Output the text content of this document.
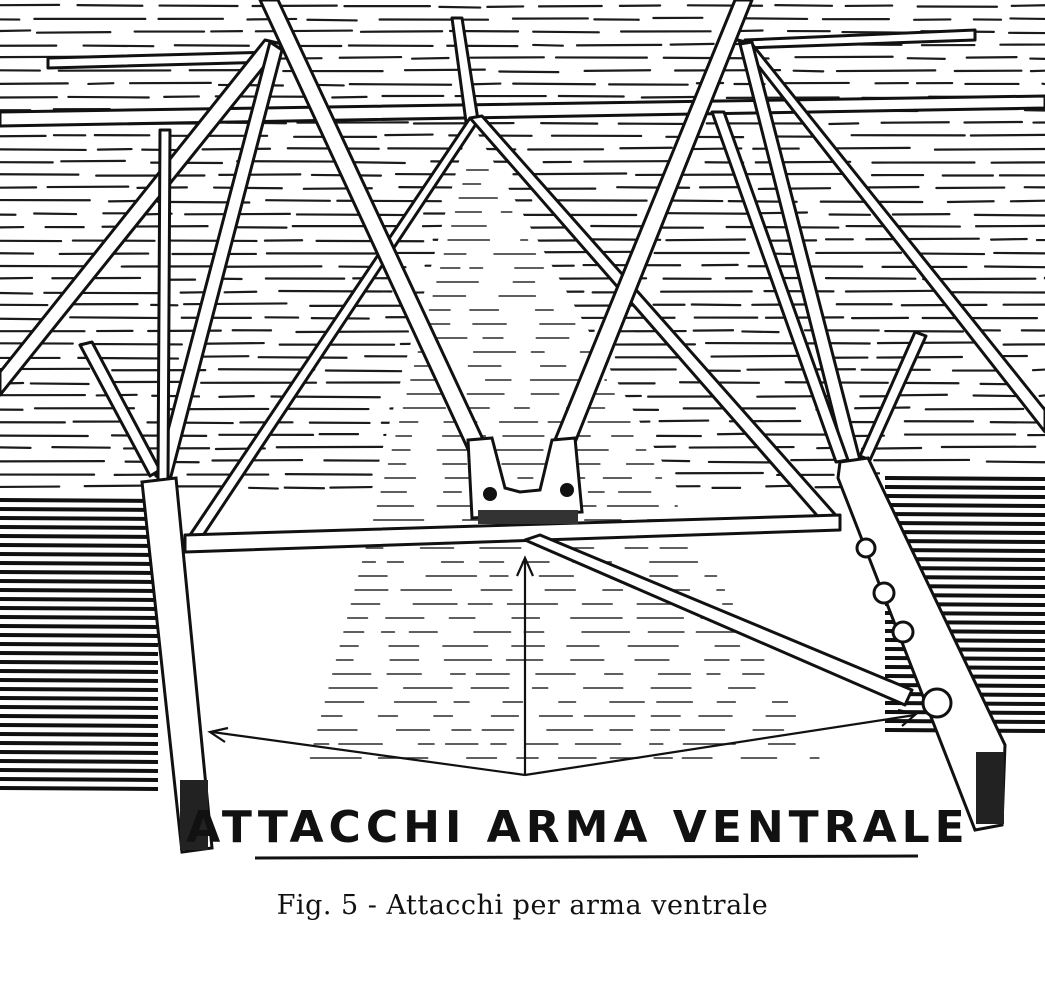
ATTACCHI ARMA VENTRALE
Fig. 5 - Attacchi per arma ventrale
